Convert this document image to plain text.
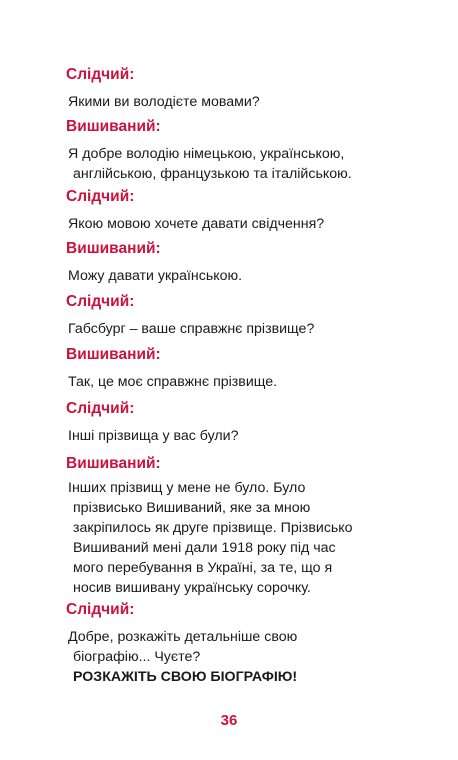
Слідчий:

Якими ви володієте мовами?

Вишиваний:

Я добре володію німецькою, українською,

англійською, французькою та італійською.

Слідчий:

Якою мовою хочете давати свідчення?

Вишиваний:

Можу давати українською.

Слідчий:

Габсбург – ваше справжнє прізвище?

Вишиваний:

Так, це моє справжнє прізвище.

Слідчий:

Інші прізвища у вас були?

Вишиваний:

Інших прізвищ у мене не було. Було

прізвисько Вишиваний, яке за мною

закріпилось як друге прізвище. Прізвисько

Вишиваний мені дали 1918 року під час

мого перебування в Україні, за те, що я

носив вишивану українську сорочку.

Слідчий:

Добре, розкажіть детальніше свою

біографію... Чуєте?

РОЗКАЖІТЬ СВОЮ БІОГРАФІЮ!

36
